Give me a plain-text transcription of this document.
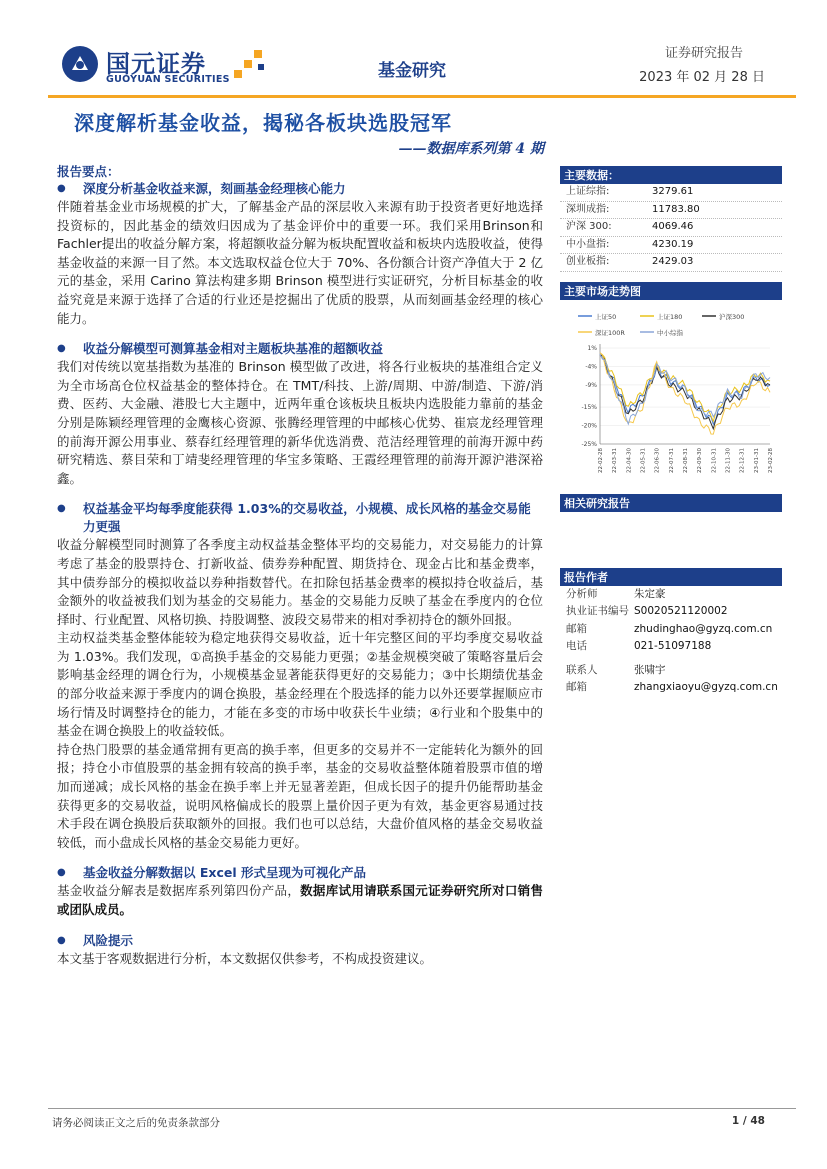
国元证券
GUOYUAN SECURITIES	基金研究
证券研究报告
2023 年 02 月 28 日
深度解析基金收益，揭秘各板块选股冠军
——数据库系列第 4 期
报告要点：
● 深度分析基金收益来源，刻画基金经理核心能力
伴随着基金业市场规模的扩大，了解基金产品的深层收入来源有助于投资者更好地选择投资标的，因此基金的绩效归因成为了基金评价中的重要一环。我们采用Brinson和Fachler提出的收益分解方案，将超额收益分解为板块配置收益和板块内选股收益，使得基金收益的来源一目了然。本文选取权益仓位大于 70%、各份额合计资产净值大于 2 亿元的基金，采用 Carino 算法构建多期 Brinson 模型进行实证研究，分析目标基金的收益究竟是来源于选择了合适的行业还是挖掘出了优质的股票，从而刻画基金经理的核心能力。
● 收益分解模型可测算基金相对主题板块基准的超额收益
我们对传统以宽基指数为基准的 Brinson 模型做了改进，将各行业板块的基准组合定义为全市场高仓位权益基金的整体持仓。在 TMT/科技、上游/周期、中游/制造、下游/消费、医药、大金融、港股七大主题中，近两年重仓该板块且板块内选股能力靠前的基金分别是陈颖经理管理的金鹰核心资源、张腾经理管理的中邮核心优势、崔宸龙经理管理的前海开源公用事业、蔡春红经理管理的新华优选消费、范洁经理管理的前海开源中药研究精选、蔡目荣和丁靖斐经理管理的华宝多策略、王霞经理管理的前海开源沪港深裕鑫。
● 权益基金平均每季度能获得 1.03%的交易收益，小规模、成长风格的基金交易能力更强
收益分解模型同时测算了各季度主动权益基金整体平均的交易能力，对交易能力的计算考虑了基金的股票持仓、打新收益、债券券种配置、期货持仓、现金占比和基金费率，其中债券部分的模拟收益以券种指数替代。在扣除包括基金费率的模拟持仓收益后，基金额外的收益被我们划为基金的交易能力。基金的交易能力反映了基金在季度内的仓位择时、行业配置、风格切换、持股调整、波段交易带来的相对季初持仓的额外回报。
主动权益类基金整体能较为稳定地获得交易收益，近十年完整区间的平均季度交易收益为 1.03%。我们发现，①高换手基金的交易能力更强；②基金规模突破了策略容量后会影响基金经理的调仓行为，小规模基金显著能获得更好的交易能力；③中长期绩优基金的部分收益来源于季度内的调仓换股，基金经理在个股选择的能力以外还要掌握顺应市场行情及时调整持仓的能力，才能在多变的市场中收获长牛业绩；④行业和个股集中的基金在调仓换股上的收益较低。
持仓热门股票的基金通常拥有更高的换手率，但更多的交易并不一定能转化为额外的回报；持仓小市值股票的基金拥有较高的换手率，基金的交易收益整体随着股票市值的增加而递减；成长风格的基金在换手率上并无显著差距，但成长因子的提升仍能帮助基金获得更多的交易收益，说明风格偏成长的股票上量价因子更为有效，基金更容易通过技术手段在调仓换股后获取额外的回报。我们也可以总结，大盘价值风格的基金交易收益较低，而小盘成长风格的基金交易能力更好。
● 基金收益分解数据以 Excel 形式呈现为可视化产品
基金收益分解表是数据库系列第四份产品，数据库试用请联系国元证券研究所对口销售或团队成员。
● 风险提示
本文基于客观数据进行分析，本文数据仅供参考，不构成投资建议。
主要数据：
上证综指:	3279.61
深圳成指:	11783.80
沪深 300:	4069.46
中小盘指:	4230.19
创业板指:	2429.03
主要市场走势图
上证50	上证180	沪深300
深证100R	中小综指
1%
-4%
-9%
-15%
-20%
-25%
22-02-28 22-03-31 22-04-30 22-05-31 22-06-30 22-07-31 22-08-31 22-09-30 22-10-31 22-11-30 22-12-31 23-01-31 23-02-28
相关研究报告
报告作者
分析师	朱定豪
执业证书编号 S0020521120002
邮箱	zhudinghao@gyzq.com.cn
电话	021-51097188
联系人	张啸宇
邮箱	zhangxiaoyu@gyzq.com.cn
请务必阅读正文之后的免责条款部分	1 / 48
